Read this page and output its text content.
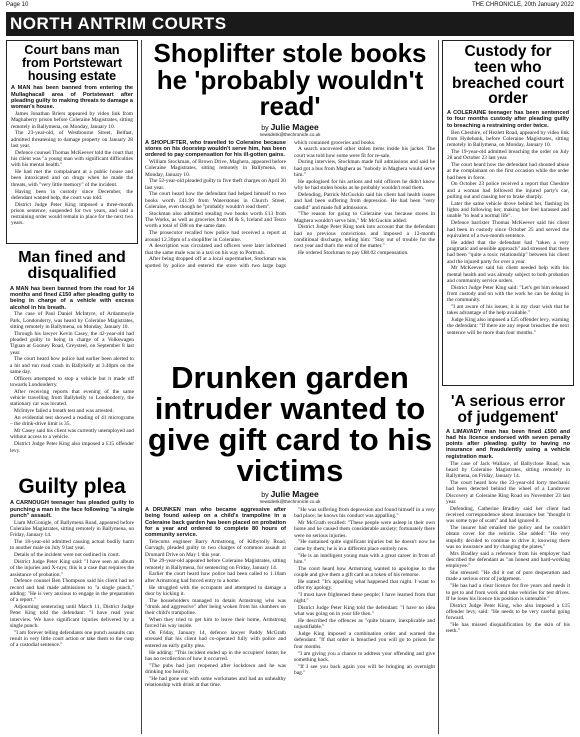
Page 10	THE CHRONICLE, 20th January 2022
NORTH ANTRIM COURTS
Court bans man from Portstewart housing estate

A MAN has been banned from entering the Mullaghacall area of Portstewart after pleading guilty to making threats to damage a woman's house.

James Jonathan Briers appeared by video link from Maghaberry prison before Coleraine Magistrates, sitting remotely in Ballymena, on Monday, January 10.

The 23-year-old, of Westbourne Street, Belfast, admitted threatening to damage property on January 28 last year.

Defence counsel Thomas McKeever told the court that his client was "a young man with significant difficulties with his mental health."

He had met the complainant at a public house and been intoxicated and on drugs when he made the threats, with "very little memory" of the incident.

Having been in custody since December, the defendant wanted help, the court was told.

District Judge Peter King imposed a three-month prison sentence, suspended for two years, and said a restraining order would remain in place for the next two years.

Man fined and disqualified

A MAN has been banned from the road for 14 months and fined £150 after pleading guilty to being in charge of a vehicle with excess alcohol in his breath.

The case of Paul Daniel McIntyre, of Ardanmoyle Park, Londonderry, was heard by Coleraine Magistrates, sitting remotely in Ballymena, on Monday, January 10.

Through his lawyer Kevin Casey, the 42-year-old had pleaded guilty to being in charge of a Volkswagen Tiguan at Gooney Road, Greysteel, on September 8 last year.

The court heard how police had earlier been alerted to a hit and run road crash in Ballykelly at 3.40pm on the same day.

Officers attempted to stop a vehicle but it made off towards Londonderry.

After receiving reports that evening of the same vehicle travelling from Ballykelly to Londonderry, the stationary car was located.

McIntyre failed a breath test and was arrested.

An evidential test showed a reading of 41 micrograms – the drink-drive limit is 35.

Mr Casey said his client was currently unemployed and without access to a vehicle.

District Judge Peter King also imposed a £15 offender levy.

Guilty plea

A CARNOUGH teenager has pleaded guilty to punching a man in the face following "a single punch" assault.

Liam McGonigle, of Ballymena Road, appeared before Coleraine Magistrates, sitting remotely in Ballymena, on Friday, January 14.

The 18-year-old admitted causing actual bodily harm to another male on July 9 last year.

Details of the incident were not outlined in court.

District Judge Peter King said: "I have seen an album of the injuries and X-rays; this is a case that requires the assistance of probation."

Defence counsel Ben Thompson said his client had no record and had made admissions to "a single punch," adding: "He is very anxious to engage in the preparation of a report."

Adjourning sentencing until March 11, District Judge Peter King told the defendant: "I have read your interview. We have significant injuries delivered by a single punch.

"I am forever telling defendants one punch assaults can result in very little court action or take them to the cusp of a custodial sentence."

Shoplifter stole books he 'probably wouldn't read'
by Julie Magee
newsdesk@thechronicle.co.uk

A SHOPLIFTER, who travelled to Coleraine because stores on his doorstep wouldn't serve him, has been ordered to pay compensation for his ill-gotten gains.

William Stockman, of Brown Drive, Maghera, appeared before Coleraine Magistrates, sitting remotely in Ballymena, on Monday, January 10.

The 52-year-old pleaded guilty to five theft charges on April 20 last year.

The court heard how the defendant had helped himself to two books worth £41.99 from Waterstones in Church Street, Coleraine, even though he "probably wouldn't read them".

Stockman also admitted stealing two books worth £13 from The Works, as well as groceries from M & S, Iceland and Tesco worth a total of £88 on the same date.

The prosecutor recalled how police had received a report at around 12.30pm of a shoplifter in Coleraine.

A description was circulated and officers were later informed that the same male was in a taxi on his way to Portrush.

After being dropped off at a local supermarket, Stockman was spotted by police and entered the store with two large bags which contained groceries and books.

A search uncovered other stolen items inside his jacket. The court was told how some were fit for re-sale.

During interview, Stockman made full admissions and said he had got a bus from Maghera as "nobody in Maghera would serve him."

He apologised for his actions and told officers he didn't know why he had stolen books as he probably wouldn't read them.

Defending, Patrick McGuckin said his client had health issues and had been suffering from depression. He had been "very candid" and made full admissions.

"The reason for going to Coleraine was because stores in Maghera wouldn't serve him," Mr McGuckin added.

District Judge Peter King took into account that the defendant had no previous convictions and imposed a 12-month conditional discharge, telling him: "Stay out of trouble for the next year and that's the end of the matter."

He ordered Stockman to pay £88.02 compensation.

Drunken garden intruder wanted to give gift card to his victims
by Julie Magee
newsdesk@thechronicle.co.uk

A DRUNKEN man who became aggressive after being found asleep on a child's trampoline in a Coleraine back garden has been placed on probation for a year and ordered to complete 80 hours of community service.

Telecoms engineer Barry Armstrong, of Kilbyrolly Road, Garvagh, pleaded guilty to two charges of common assault at Drumard Drive on May 1 this year.

The 29-year-old appeared before Coleraine Magistrates, sitting remotely in Ballymena, for sentencing on Friday, January 14.

Earlier the court heard how police had been called to 1.10am after Armstrong had forced entry to a home.

He struggled with the occupants and attempted to damage a door by kicking it.

The householders managed to detain Armstrong who was "drunk and aggressive" after being woken from his slumbers on their child's trampoline.

When they tried to get him to leave their home, Armstrong forced his way inside.

On Friday, January 14, defence lawyer Paddy McGrath stressed that his client had co-operated fully with police and entered an early guilty plea.

He adding: "This incident ended up in the occupiers' home; he has no recollection of how it occurred.

"The pubs had just reopened after lockdown and he was drinking too heavily.

"He had gone out with some workmates and had an unhealthy relationship with drink at that time.

"He was suffering from depression and found himself in a very bad place; he knows his conduct was appalling."

Mr McGrath recalled: "These people were asleep in their own home and he caused them considerable anxiety; fortunately there were no serious injuries.

"He sustained quite significant injuries but he doesn't now he came by them; he is in a different place entirely now.

"He is an intelligent young man with a great career in front of him."

The court heard how Armstrong wanted to apologise to the couple and give them a gift card as a token of his remorse.

He stated: "It's appalling what happened that night. I want to offer my apology.

"I must have frightened these people; I have learned from that night."

District Judge Peter King told the defendant: "I have no idea what was going on in your life then."

He described the offences as "quite bizarre, inexplicable and unjustifiable."

Judge King imposed a combination order and warned the defendant: "If that order is breached you will go to prison for four months.

"I am giving you a chance to address your offending and give something back.

"If I see you back again you will be bringing an overnight bag."

Custody for teen who breached court order

A COLERAINE teenager has been sentenced to four months custody after pleading guilty to breaching a restraining order twice.

Ben Cheshire, of Hezlett Road, appeared by video link from Hydebank, before Coleraine Magistrates, sitting remotely in Ballymena, on Monday, January 10.

The 19-year-old admitted breaching the order on July 28 and October 23 last year.

The court heard how the defendant had shouted abuse at the complainant on the first occasion while the order had been in force.

On October 23 police received a report that Cheshire and a woman had followed the injured party's car, pulling out and causing her to brake sharply.

Later the same vehicle drove behind her, flashing its lights and following her, making her feel harassed and unable "to lead a normal life".

Defence barrister Thomas McKeever said his client had been in custody since October 25 and served the equivalent of a two-month sentence.

He added that the defendant had "taken a very pragmatic and sensible approach" and stressed that there had been "quite a toxic relationship" between his client and the injured party for over a year.

Mr McKeever said his client needed help with his mental health and was already subject to both probation and community service orders.

District Judge Peter King said: "Let's get him released from custody and on with the work he can be doing in the community.

"I am aware of his issues; it is my clear wish that he takes advantage of the help available."

Judge King also imposed a £25 offender levy, warning the defendant: "If there are any repeat breaches the next sentence will be more than four months."

'A serious error of judgement'

A LIMAVADY man has been fined £500 and had his licence endorsed with seven penalty points after pleading guilty to having no insurance and fraudulently using a vehicle registration mark.

The case of Jack Wallace, of Ballyclose Road, was heard by Coleraine Magistrates, sitting remotely in Ballymena, on Friday, January 14.

The court heard how the 23-year-old lorry mechanic had been detected behind the wheel of a Landrover Discovery at Coleraine Ring Road on November 23 last year.

Defending, Catherine Bradley said her client had received correspondence about insurance but "thought it was some type of scam" and had ignored it.

The insurer had emailed the policy and he couldn't obtain cover for the vehicle. She added: "He very stupidly decided to continue to drive it, knowing there was no insurance and by changing the plates."

Mrs Bradley said a reference from his employer had described the defendant as "an honest and hard-working employee."

She stressed: "He did it out of pure desperation and made a serious error of judgement.

"He has had a clear licence for five years and needs it to get to and from work and take vehicles for test drives. If he loses his licence his position is untenable."

District Judge Peter King, who also imposed a £15 offender levy, said: "He needs to be very careful going forward.

"He has missed disqualification by the skin of his teeth."
